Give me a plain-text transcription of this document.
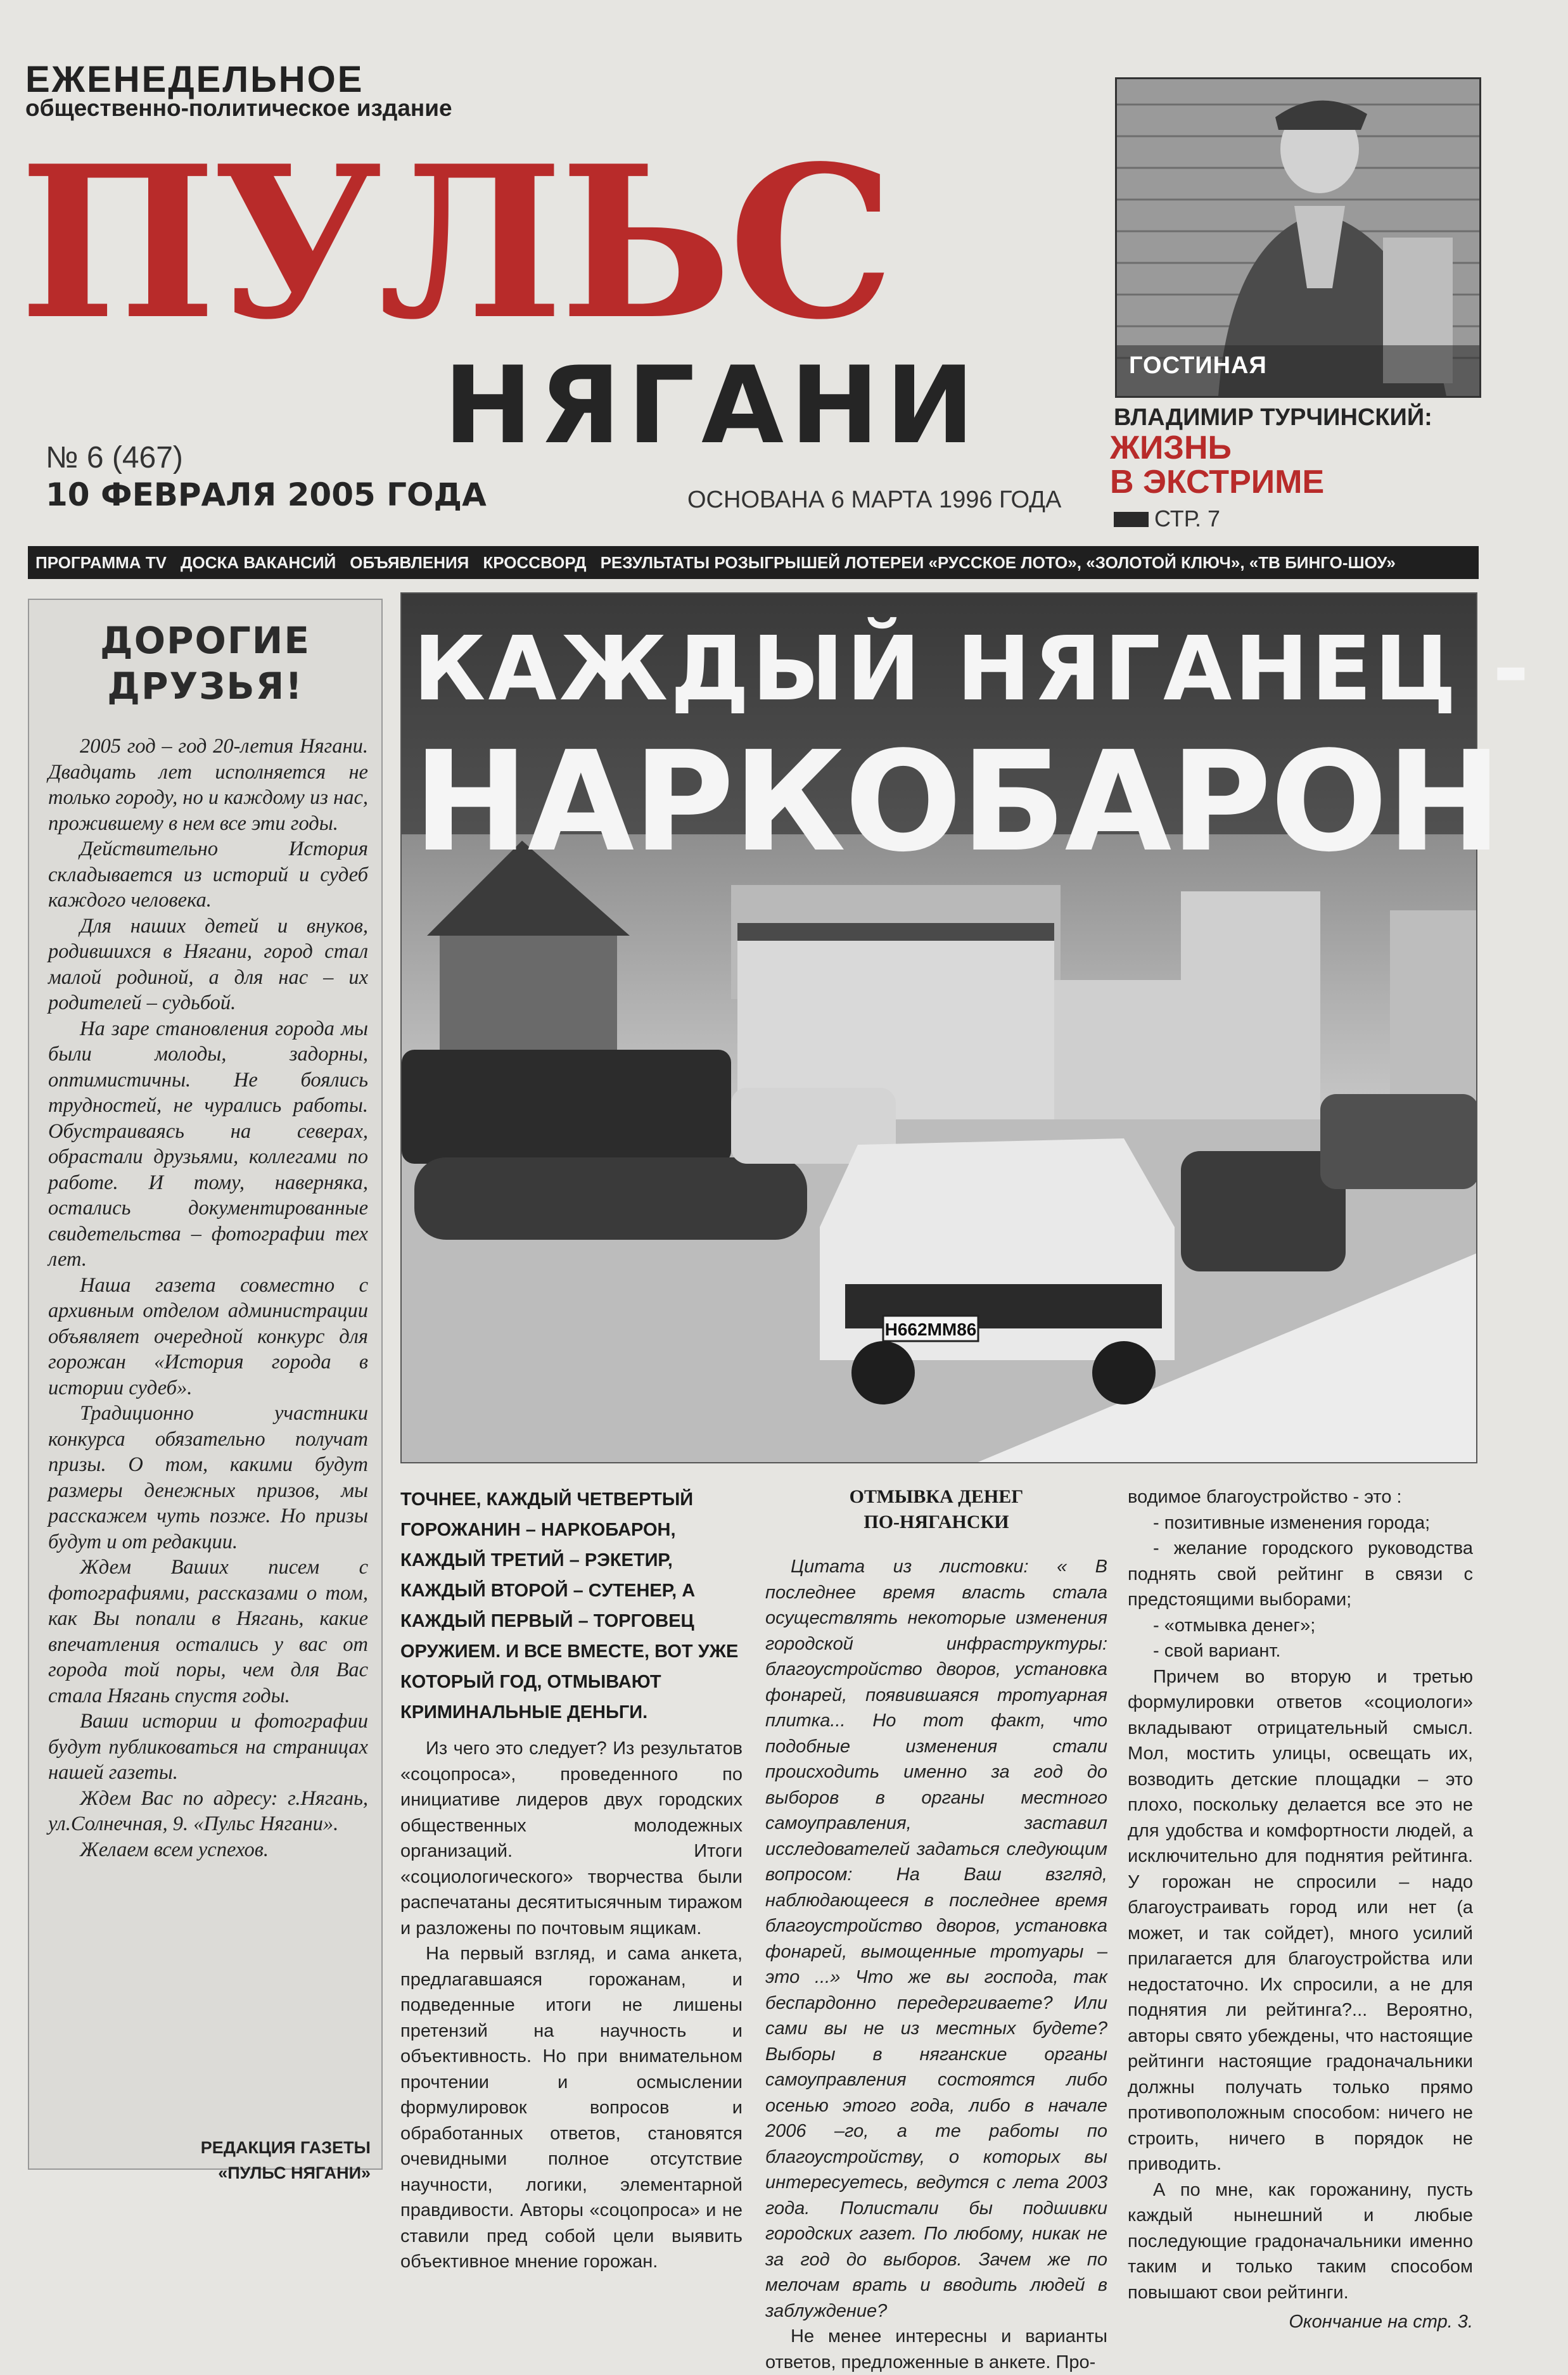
ЕЖЕНЕДЕЛЬНОЕ
общественно-политическое издание
ПУЛЬС
НЯГАНИ
№ 6 (467)
10 ФЕВРАЛЯ 2005 ГОДА	ОСНОВАНА 6 МАРТА 1996 ГОДА
ГОСТИНАЯ
ВЛАДИМИР ТУРЧИНСКИЙ:
ЖИЗНЬ
В ЭКСТРИМЕ
СТР. 7
ПРОГРАММА TV ДОСКА ВАКАНСИЙ ОБЪЯВЛЕНИЯ КРОССВОРД РЕЗУЛЬТАТЫ РОЗЫГРЫШЕЙ ЛОТЕРЕИ «РУССКОЕ ЛОТО», «ЗОЛОТОЙ КЛЮЧ», «ТВ БИНГО-ШОУ»
ДОРОГИЕ
ДРУЗЬЯ!

2005 год – год 20-летия Нягани. Двадцать лет исполняется не только городу, но и каждому из нас, прожившему в нем все эти годы.

Действительно История складывается из историй и судеб каждого человека.

Для наших детей и внуков, родившихся в Нягани, город стал малой родиной, а для нас – их родителей – судьбой.

На заре становления города мы были молоды, задорны, оптимистичны. Не боялись трудностей, не чурались работы. Обустраиваясь на северах, обрастали друзьями, коллегами по работе. И тому, наверняка, остались документированные свидетельства – фотографии тех лет.

Наша газета совместно с архивным отделом администрации объявляет очередной конкурс для горожан «История города в истории судеб».

Традиционно участники конкурса обязательно получат призы. О том, какими будут размеры денежных призов, мы расскажем чуть позже. Но призы будут и от редакции.

Ждем Ваших писем с фотографиями, рассказами о том, как Вы попали в Нягань, какие впечатления остались у вас от города той поры, чем для Вас стала Нягань спустя годы.

Ваши истории и фотографии будут публиковаться на страницах нашей газеты.

Ждем Вас по адресу: г.Нягань, ул.Солнечная, 9. «Пульс Нягани».

Желаем всем успехов.

РЕДАКЦИЯ ГАЗЕТЫ
«ПУЛЬС НЯГАНИ»
Н662ММ86
КАЖДЫЙ НЯГАНЕЦ -
НАРКОБАРОН
ТОЧНЕЕ, КАЖДЫЙ ЧЕТВЕРТЫЙ ГОРОЖАНИН – НАРКОБАРОН, КАЖДЫЙ ТРЕТИЙ – РЭКЕТИР, КАЖДЫЙ ВТОРОЙ – СУТЕНЕР, А КАЖДЫЙ ПЕРВЫЙ – ТОРГОВЕЦ ОРУЖИЕМ. И ВСЕ ВМЕСТЕ, ВОТ УЖЕ КОТОРЫЙ ГОД, ОТМЫВАЮТ КРИМИНАЛЬНЫЕ ДЕНЬГИ.

Из чего это следует? Из результатов «соцопроса», проведенного по инициативе лидеров двух городских общественных молодежных организаций. Итоги «социологического» творчества были распечатаны десятитысячным тиражом и разложены по почтовым ящикам.

На первый взгляд, и сама анкета, предлагавшаяся горожанам, и подведенные итоги не лишены претензий на научность и объективность. Но при внимательном прочтении и осмыслении формулировок вопросов и обработанных ответов, становятся очевидными полное отсутствие научности, логики, элементарной правдивости. Авторы «соцопроса» и не ставили пред собой цели выявить объективное мнение горожан.

ОТМЫВКА ДЕНЕГ
ПО-НЯГАНСКИ

Цитата из листовки: « В последнее время власть стала осуществлять некоторые изменения городской инфраструктуры: благоустройство дворов, установка фонарей, появившаяся тротуарная плитка... Но тот факт, что подобные изменения стали происходить именно за год до выборов в органы местного самоуправления, заставил исследователей задаться следующим вопросом: На Ваш взгляд, наблюдающееся в последнее время благоустройство дворов, установка фонарей, вымощенные тротуары – это ...» Что же вы господа, так беспардонно передергиваете? Или сами вы не из местных будете? Выборы в няганские органы самоуправления состоятся либо осенью этого года, либо в начале 2006 –го, а те работы по благоустройству, о которых вы интересуетесь, ведутся с лета 2003 года. Полистали бы подшивки городских газет. По любому, никак не за год до выборов. Зачем же по мелочам врать и вводить людей в заблуждение?

Не менее интересны и варианты ответов, предложенные в анкете. Про-

водимое благоустройство - это :

- позитивные изменения города;

- желание городского руководства поднять свой рейтинг в связи с предстоящими выборами;

- «отмывка денег»;

- свой вариант.

Причем во вторую и третью формулировки ответов «социологи» вкладывают отрицательный смысл. Мол, мостить улицы, освещать их, возводить детские площадки – это плохо, поскольку делается все это не для удобства и комфортности людей, а исключительно для поднятия рейтинга. У горожан не спросили – надо благоустраивать город или нет (а может, и так сойдет), много усилий прилагается для благоустройства или недостаточно. Их спросили, а не для поднятия ли рейтинга?... Вероятно, авторы свято убеждены, что настоящие рейтинги настоящие градоначальники должны получать только прямо противоположным способом: ничего не строить, ничего в порядок не приводить.

А по мне, как горожанину, пусть каждый нынешний и любые последующие градоначальники именно таким и только таким способом повышают свои рейтинги.

Окончание на стр. 3.
